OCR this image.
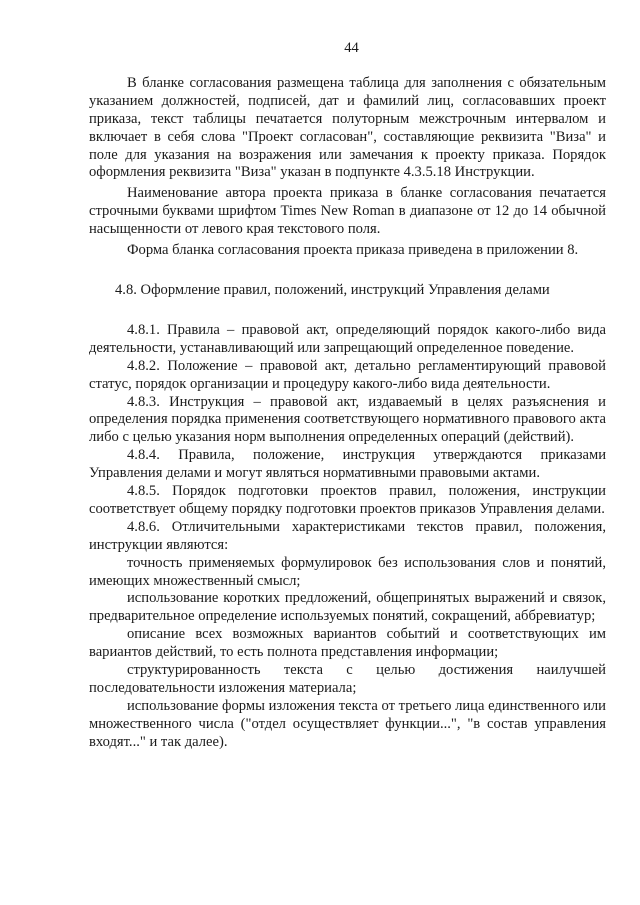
44

В бланке согласования размещена таблица для заполнения с обязательным указанием должностей, подписей, дат и фамилий лиц, согласовавших проект приказа, текст таблицы печатается полуторным межстрочным интервалом и включает в себя слова "Проект согласован", составляющие реквизита "Виза" и поле для указания на возражения или замечания к проекту приказа. Порядок оформления реквизита "Виза" указан в подпункте 4.3.5.18 Инструкции.

Наименование автора проекта приказа в бланке согласования печатается строчными буквами шрифтом Times New Roman в диапазоне от 12 до 14 обычной насыщенности от левого края текстового поля.

Форма бланка согласования проекта приказа приведена в приложении 8.

4.8. Оформление правил, положений, инструкций Управления делами

4.8.1. Правила – правовой акт, определяющий порядок какого-либо вида деятельности, устанавливающий или запрещающий определенное поведение.

4.8.2. Положение – правовой акт, детально регламентирующий правовой статус, порядок организации и процедуру какого-либо вида деятельности.

4.8.3. Инструкция – правовой акт, издаваемый в целях разъяснения и определения порядка применения соответствующего нормативного правового акта либо с целью указания норм выполнения определенных операций (действий).

4.8.4. Правила, положение, инструкция утверждаются приказами Управления делами и могут являться нормативными правовыми актами.

4.8.5. Порядок подготовки проектов правил, положения, инструкции соответствует общему порядку подготовки проектов приказов Управления делами.

4.8.6. Отличительными характеристиками текстов правил, положения, инструкции являются:

точность применяемых формулировок без использования слов и понятий, имеющих множественный смысл;

использование коротких предложений, общепринятых выражений и связок, предварительное определение используемых понятий, сокращений, аббревиатур;

описание всех возможных вариантов событий и соответствующих им вариантов действий, то есть полнота представления информации;

структурированность текста с целью достижения наилучшей последовательности изложения материала;

использование формы изложения текста от третьего лица единственного или множественного числа ("отдел осуществляет функции...", "в состав управления входят..." и так далее).
